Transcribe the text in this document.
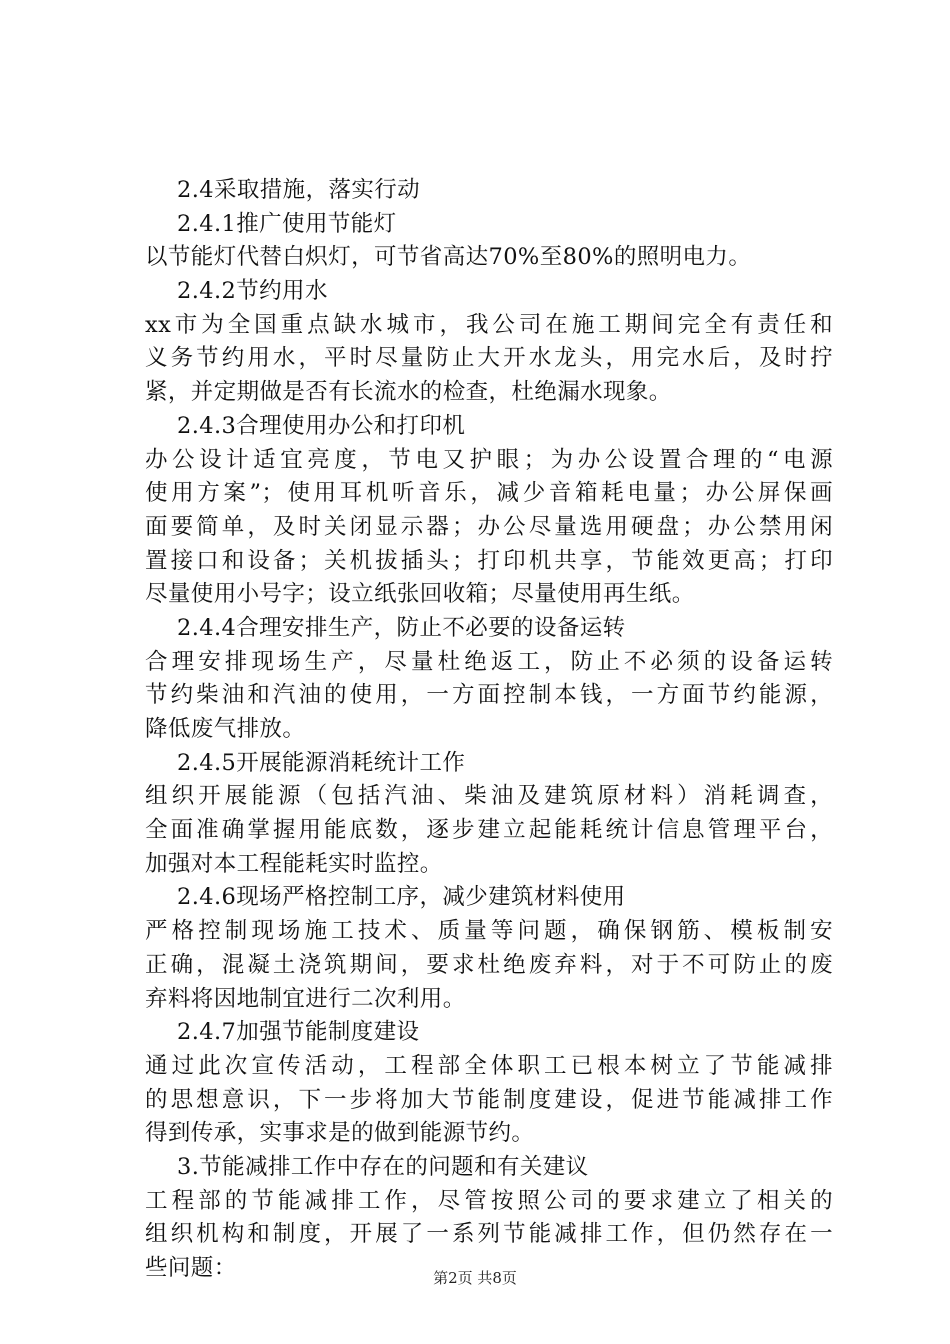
2.4采取措施，落实行动
2.4.1推广使用节能灯
以节能灯代替白炽灯，可节省高达70%至80%的照明电力。
2.4.2节约用水
xx市为全国重点缺水城市，我公司在施工期间完全有责任和
义务节约用水，平时尽量防止大开水龙头，用完水后，及时拧
紧，并定期做是否有长流水的检查，杜绝漏水现象。
2.4.3合理使用办公和打印机
办公设计适宜亮度，节电又护眼；为办公设置合理的“电源
使用方案”；使用耳机听音乐，减少音箱耗电量；办公屏保画
面要简单，及时关闭显示器；办公尽量选用硬盘；办公禁用闲
置接口和设备；关机拔插头；打印机共享，节能效更高；打印
尽量使用小号字；设立纸张回收箱；尽量使用再生纸。
2.4.4合理安排生产，防止不必要的设备运转
合理安排现场生产，尽量杜绝返工，防止不必须的设备运转
节约柴油和汽油的使用，一方面控制本钱，一方面节约能源，
降低废气排放。
2.4.5开展能源消耗统计工作
组织开展能源（包括汽油、柴油及建筑原材料）消耗调查，
全面准确掌握用能底数，逐步建立起能耗统计信息管理平台，
加强对本工程能耗实时监控。
2.4.6现场严格控制工序，减少建筑材料使用
严格控制现场施工技术、质量等问题，确保钢筋、模板制安
正确，混凝土浇筑期间，要求杜绝废弃料，对于不可防止的废
弃料将因地制宜进行二次利用。
2.4.7加强节能制度建设
通过此次宣传活动，工程部全体职工已根本树立了节能减排
的思想意识，下一步将加大节能制度建设，促进节能减排工作
得到传承，实事求是的做到能源节约。
3.节能减排工作中存在的问题和有关建议
工程部的节能减排工作，尽管按照公司的要求建立了相关的
组织机构和制度，开展了一系列节能减排工作，但仍然存在一
些问题：	第2页 共8页
